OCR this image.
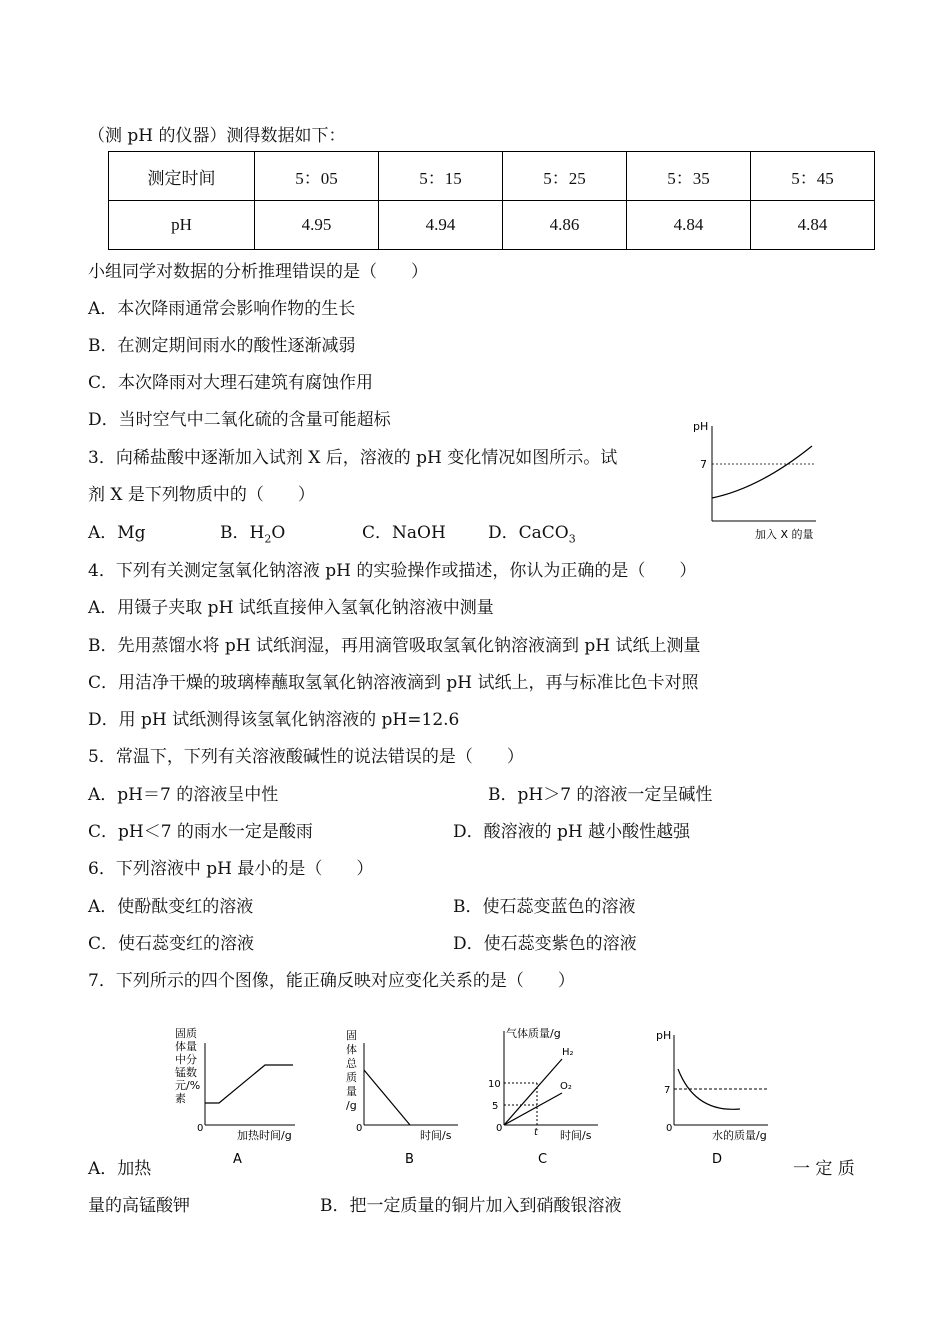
（测 pH 的仪器）测得数据如下：
测定时间	5：05	5：15	5：25	5：35	5：45
pH	4.95	4.94	4.86	4.84	4.84
小组同学对数据的分析推理错误的是（　　）
A．本次降雨通常会影响作物的生长
B．在测定期间雨水的酸性逐渐减弱
C．本次降雨对大理石建筑有腐蚀作用
D．当时空气中二氧化硫的含量可能超标
3．向稀盐酸中逐渐加入试剂 X 后，溶液的 pH 变化情况如图所示。试
剂 X 是下列物质中的（　　）
A．Mg	B．$H_2O$	C．NaOH D．CaCO$_3$
pH
7
加入 X 的量
4．下列有关测定氢氧化钠溶液 pH 的实验操作或描述，你认为正确的是（　　）
A．用镊子夹取 pH 试纸直接伸入氢氧化钠溶液中测量
B．先用蒸馏水将 pH 试纸润湿，再用滴管吸取氢氧化钠溶液滴到 pH 试纸上测量
C．用洁净干燥的玻璃棒蘸取氢氧化钠溶液滴到 pH 试纸上，再与标准比色卡对照
D．用 pH 试纸测得该氢氧化钠溶液的 pH=12.6
5．常温下，下列有关溶液酸碱性的说法错误的是（　　）
A．pH＝7 的溶液呈中性	B．pH＞7 的溶液一定呈碱性
C．pH＜7 的雨水一定是酸雨	D．酸溶液的 pH 越小酸性越强
6．下列溶液中 pH 最小的是（　　）
A．使酚酞变红的溶液	B．使石蕊变蓝色的溶液
C．使石蕊变红的溶液	D．使石蕊变紫色的溶液
7．下列所示的四个图像，能正确反映对应变化关系的是（　　）
固质
体量
中分
锰数
元/%
素
0
加热时间/g
A
固
体
总
质
量
/g
0
时间/s
B
气体质量/g
H₂
O₂
10
5
0	t 时间/s
C
pH
7
0
水的质量/g
D
A．加热	一 定 质
量的高锰酸钾	B．把一定质量的铜片加入到硝酸银溶液
